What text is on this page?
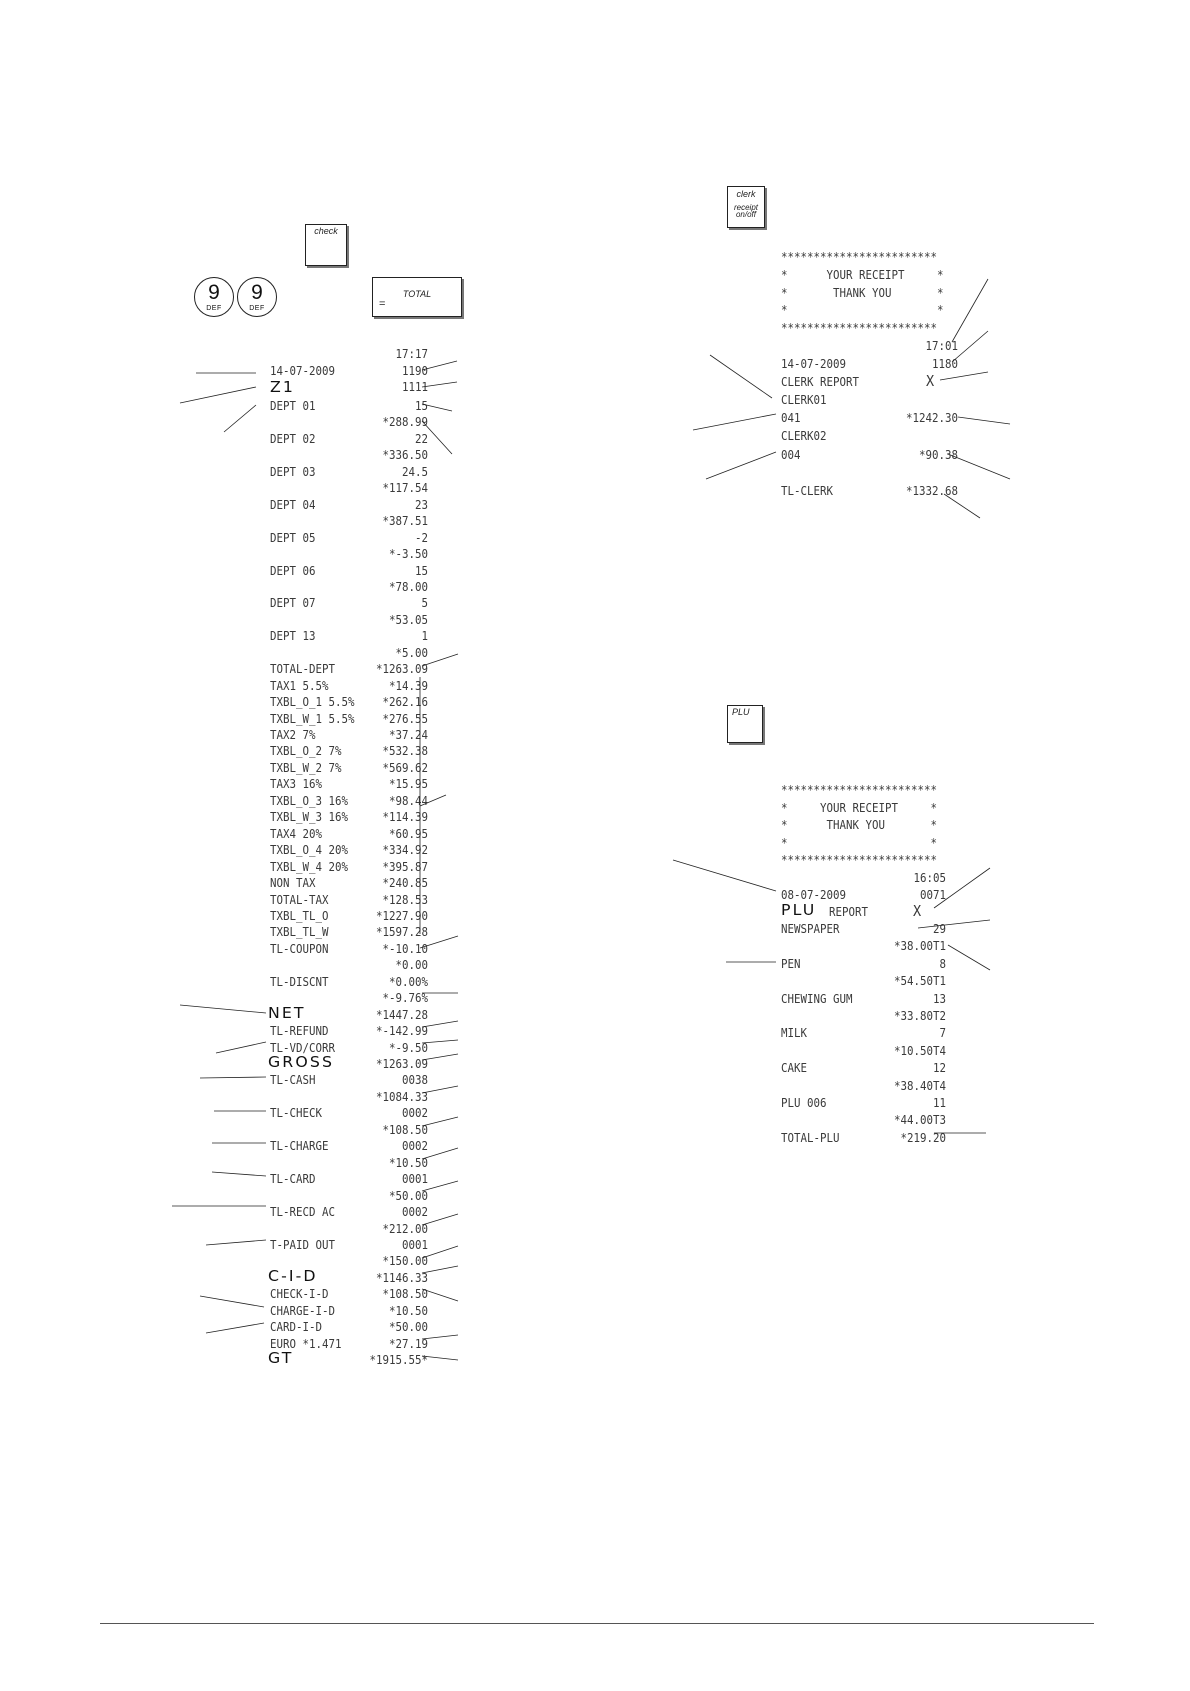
check
9
DEF
9
DEF
TOTAL
=
17:17
14-07-2009	1190
Z1	1111
DEPT 01	15
*288.99
DEPT 02	22
*336.50
DEPT 03	24.5
*117.54
DEPT 04	23
*387.51
DEPT 05	-2
*-3.50
DEPT 06	15
*78.00
DEPT 07	5
*53.05
DEPT 13	1
*5.00
TOTAL-DEPT	*1263.09
TAX1 5.5%	*14.39
TXBL_O_1 5.5%	*262.16
TXBL_W_1 5.5%	*276.55
TAX2 7%	*37.24
TXBL_O_2 7%	*532.38
TXBL_W_2 7%	*569.62
TAX3 16%	*15.95
TXBL_O_3 16%	*98.44
TXBL_W_3 16%	*114.39
TAX4 20%	*60.95
TXBL_O_4 20%	*334.92
TXBL_W_4 20%	*395.87
NON TAX	*240.85
TOTAL-TAX	*128.53
TXBL_TL_O	*1227.90
TXBL_TL_W	*1597.28
TL-COUPON	*-10.10
*0.00
TL-DISCNT	*0.00%
*-9.76%
NET	*1447.28
TL-REFUND	*-142.99
TL-VD/CORR	*-9.50
GROSS	*1263.09
TL-CASH	0038
*1084.33
TL-CHECK	0002
*108.50
TL-CHARGE	0002
*10.50
TL-CARD	0001
*50.00
TL-RECD AC	0002
*212.00
T-PAID OUT	0001
*150.00
C-I-D	*1146.33
CHECK-I-D	*108.50
CHARGE-I-D	*10.50
CARD-I-D	*50.00
EURO *1.471	*27.19
GT	*1915.55*
clerk
receipt
on/off
************************
*      YOUR RECEIPT     *
*       THANK YOU       *
*                       *
************************
17:01
14-07-2009	1180
CLERK REPORT	X
CLERK01
041	*1242.30
CLERK02
004	*90.38
TL-CLERK	*1332.68
PLU
************************
*     YOUR RECEIPT     *
*      THANK YOU       *
*                      *
************************
16:05
08-07-2009	0071
PLU REPORT	X
NEWSPAPER	29
*38.00T1
PEN	8
*54.50T1
CHEWING GUM	13
*33.80T2
MILK	7
*10.50T4
CAKE	12
*38.40T4
PLU 006	11
*44.00T3
TOTAL-PLU	*219.20
